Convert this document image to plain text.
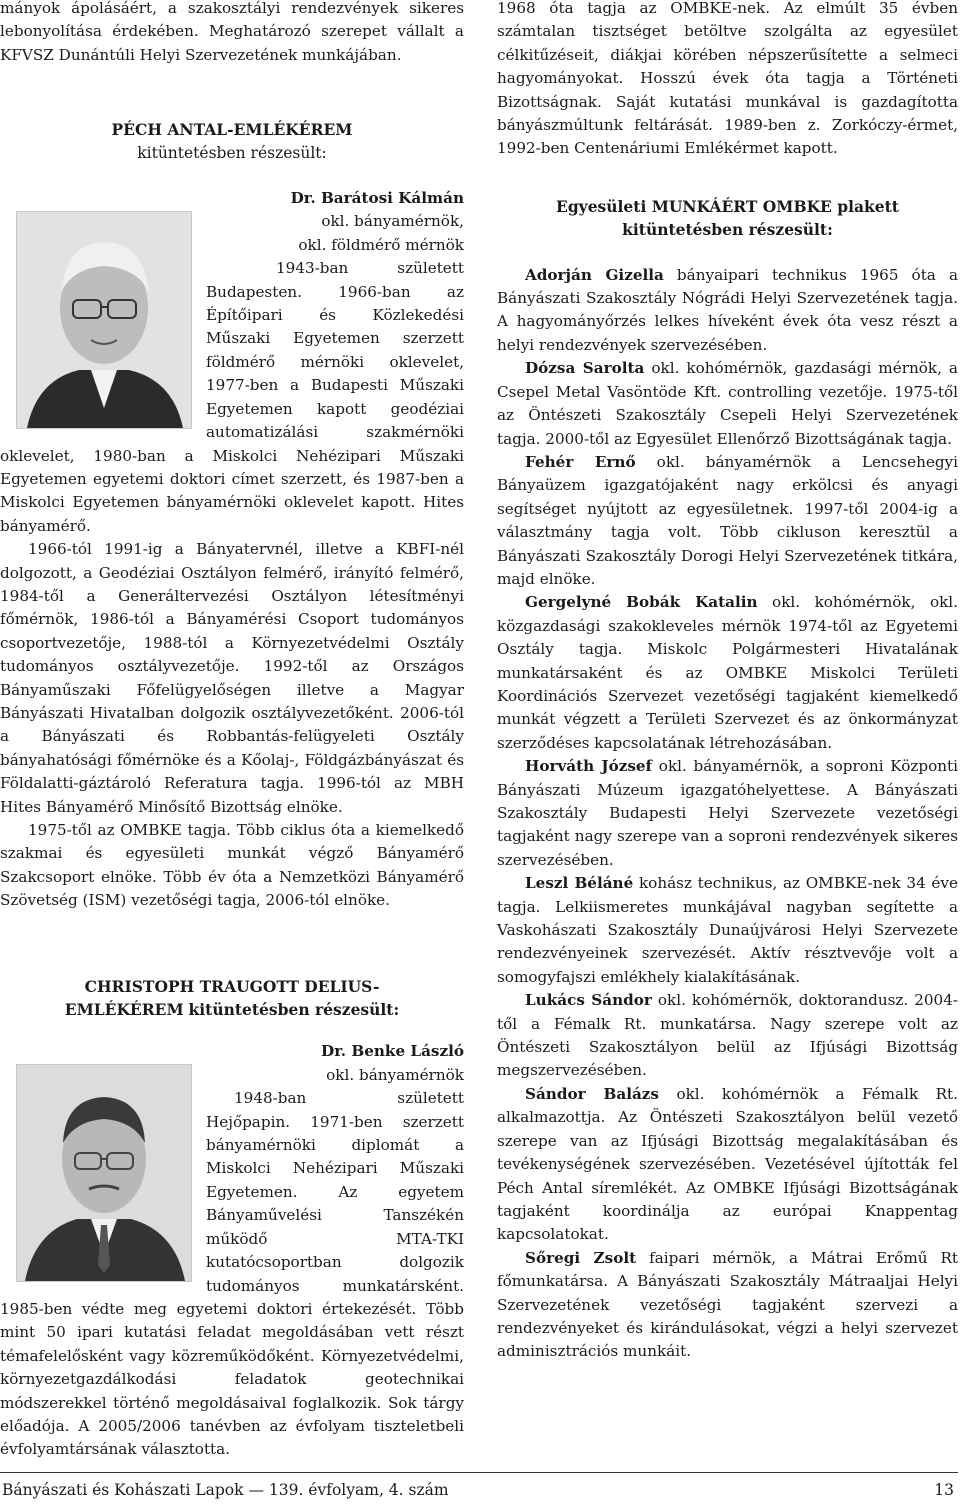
mányok ápolásáért, a szakosztályi rendezvények sikeres lebonyolítása érdekében. Meghatározó szerepet vállalt a KFVSZ Dunántúli Helyi Szervezetének munkájában.

PÉCH ANTAL-EMLÉKÉREM

kitüntetésben részesült:

Dr. Barátosi Kálmán
okl. bányamérnök,
okl. földmérő mérnök

1943-ban született Budapesten. 1966-ban az Építőipari és Közlekedési Műszaki Egyetemen szerzett földmérő mérnöki oklevelet, 1977-ben a Budapesti Műszaki Egyetemen kapott geodéziai automatizálási szakmérnöki oklevelet, 1980-ban a Miskolci Nehézipari Műszaki Egyetemen egyetemi doktori címet szerzett, és 1987-ben a Miskolci Egyetemen bányamérnöki oklevelet kapott. Hites bányamérő.

1966-tól 1991-ig a Bányatervnél, illetve a KBFI-nél dolgozott, a Geodéziai Osztályon felmérő, irányító felmérő, 1984-től a Generáltervezési Osztályon létesítményi főmérnök, 1986-tól a Bányamérési Csoport tudományos csoportvezetője, 1988-tól a Környezetvédelmi Osztály tudományos osztályvezetője. 1992-től az Országos Bányaműszaki Főfelügyelőségen illetve a Magyar Bányászati Hivatalban dolgozik osztályvezetőként. 2006-tól a Bányászati és Robbantás-felügyeleti Osztály bányahatósági főmérnöke és a Kőolaj-, Földgázbányászat és Földalatti-gáztároló Referatura tagja. 1996-tól az MBH Hites Bányamérő Minősítő Bizottság elnöke.

1975-től az OMBKE tagja. Több ciklus óta a kiemelkedő szakmai és egyesületi munkát végző Bányamérő Szakcsoport elnöke. Több év óta a Nemzetközi Bányamérő Szövetség (ISM) vezetőségi tagja, 2006-tól elnöke.

CHRISTOPH TRAUGOTT DELIUS-

EMLÉKÉREM kitüntetésben részesült:

Dr. Benke László
okl. bányamérnök

1948-ban született Hejőpapin. 1971-ben szerzett bányamérnöki diplomát a Miskolci Nehézipari Műszaki Egyetemen. Az egyetem Bányaművelési Tanszékén működő MTA-TKI kutatócsoportban dolgozik tudományos munkatársként. 1985-ben védte meg egyetemi doktori értekezését. Több mint 50 ipari kutatási feladat megoldásában vett részt témafelelősként vagy közreműködőként. Környezetvédelmi, környezetgazdálkodási feladatok geotechnikai módszerekkel történő megoldásaival foglalkozik. Sok tárgy előadója. A 2005/2006 tanévben az évfolyam tiszteletbeli évfolyamtársának választotta.

1968 óta tagja az OMBKE-nek. Az elmúlt 35 évben számtalan tisztséget betöltve szolgálta az egyesület célkitűzéseit, diákjai körében népszerűsítette a selmeci hagyományokat. Hosszú évek óta tagja a Történeti Bizottságnak. Saját kutatási munkával is gazdagította bányászmúltunk feltárását. 1989-ben z. Zorkóczy-érmet, 1992-ben Centenáriumi Emlékérmet kapott.

Egyesületi MUNKÁÉRT OMBKE plakett

kitüntetésben részesült:

Adorján Gizella bányaipari technikus 1965 óta a Bányászati Szakosztály Nógrádi Helyi Szervezetének tagja. A hagyományőrzés lelkes híveként évek óta vesz részt a helyi rendezvények szervezésében.

Dózsa Sarolta okl. kohómérnök, gazdasági mérnök, a Csepel Metal Vasöntöde Kft. controlling vezetője. 1975-től az Öntészeti Szakosztály Csepeli Helyi Szervezetének tagja. 2000-től az Egyesület Ellenőrző Bizottságának tagja.

Fehér Ernő okl. bányamérnök a Lencsehegyi Bányaüzem igazgatójaként nagy erkölcsi és anyagi segítséget nyújtott az egyesületnek. 1997-től 2004-ig a választmány tagja volt. Több cikluson keresztül a Bányászati Szakosztály Dorogi Helyi Szervezetének titkára, majd elnöke.

Gergelyné Bobák Katalin okl. kohómérnök, okl. közgazdasági szakokleveles mérnök 1974-től az Egyetemi Osztály tagja. Miskolc Polgármesteri Hivatalának munkatársaként és az OMBKE Miskolci Területi Koordinációs Szervezet vezetőségi tagjaként kiemelkedő munkát végzett a Területi Szervezet és az önkormányzat szerződéses kapcsolatának létrehozásában.

Horváth József okl. bányamérnök, a soproni Központi Bányászati Múzeum igazgatóhelyettese. A Bányászati Szakosztály Budapesti Helyi Szervezete vezetőségi tagjaként nagy szerepe van a soproni rendezvények sikeres szervezésében.

Leszl Béláné kohász technikus, az OMBKE-nek 34 éve tagja. Lelkiismeretes munkájával nagyban segítette a Vaskohászati Szakosztály Dunaújvárosi Helyi Szervezete rendezvényeinek szervezését. Aktív résztvevője volt a somogyfajszi emlékhely kialakításának.

Lukács Sándor okl. kohómérnök, doktorandusz. 2004-től a Fémalk Rt. munkatársa. Nagy szerepe volt az Öntészeti Szakosztályon belül az Ifjúsági Bizottság megszervezésében.

Sándor Balázs okl. kohómérnök a Fémalk Rt. alkalmazottja. Az Öntészeti Szakosztályon belül vezető szerepe van az Ifjúsági Bizottság megalakításában és tevékenységének szervezésében. Vezetésével újították fel Péch Antal síremlékét. Az OMBKE Ifjúsági Bizottságának tagjaként koordinálja az európai Knappentag kapcsolatokat.

Sőregi Zsolt faipari mérnök, a Mátrai Erőmű Rt főmunkatársa. A Bányászati Szakosztály Mátraaljai Helyi Szervezetének vezetőségi tagjaként szervezi a rendezvényeket és kirándulásokat, végzi a helyi szervezet adminisztrációs munkáit.

Bányászati és Kohászati Lapok — 139. évfolyam, 4. szám	13
